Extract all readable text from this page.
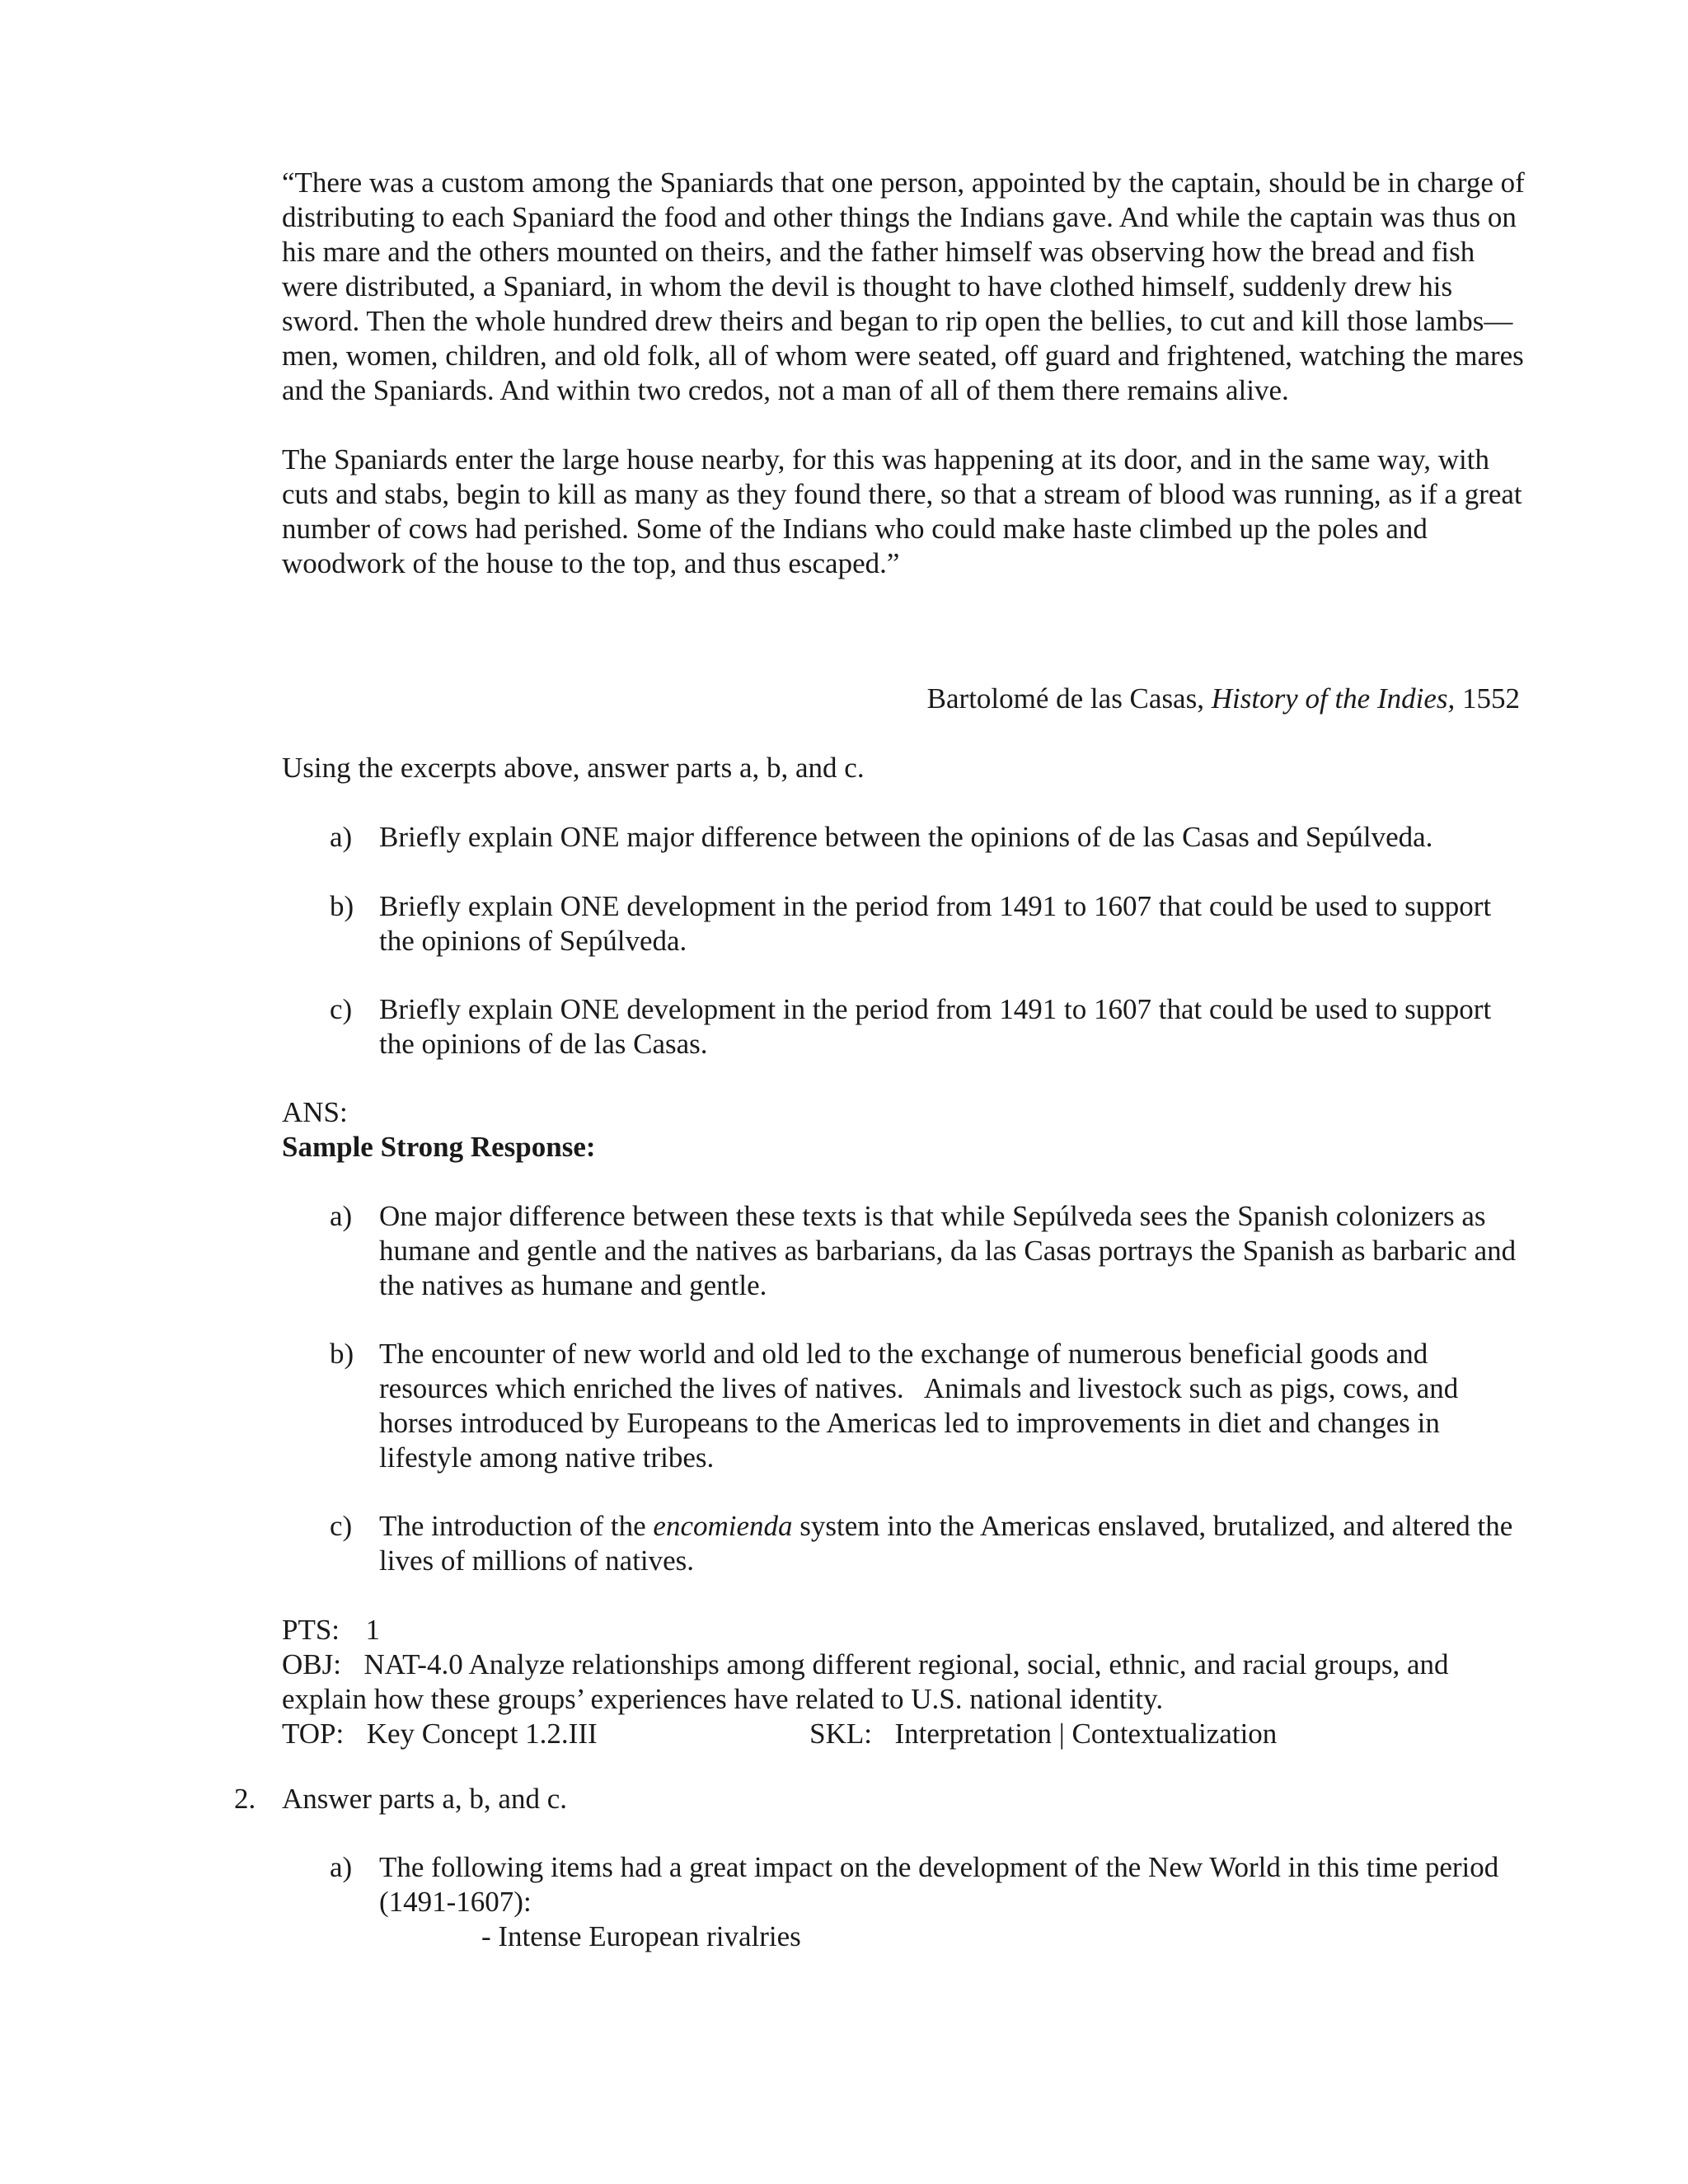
“There was a custom among the Spaniards that one person, appointed by the captain, should be in charge of distributing to each Spaniard the food and other things the Indians gave. And while the captain was thus on his mare and the others mounted on theirs, and the father himself was observing how the bread and fish were distributed, a Spaniard, in whom the devil is thought to have clothed himself, suddenly drew his sword. Then the whole hundred drew theirs and began to rip open the bellies, to cut and kill those lambs—men, women, children, and old folk, all of whom were seated, off guard and frightened, watching the mares and the Spaniards. And within two credos, not a man of all of them there remains alive.

The Spaniards enter the large house nearby, for this was happening at its door, and in the same way, with cuts and stabs, begin to kill as many as they found there, so that a stream of blood was running, as if a great number of cows had perished. Some of the Indians who could make haste climbed up the poles and woodwork of the house to the top, and thus escaped.”

Bartolomé de las Casas, History of the Indies, 1552
Using the excerpts above, answer parts a, b, and c.
a) Briefly explain ONE major difference between the opinions of de las Casas and Sepúlveda.
b) Briefly explain ONE development in the period from 1491 to 1607 that could be used to support the opinions of Sepúlveda.
c) Briefly explain ONE development in the period from 1491 to 1607 that could be used to support the opinions of de las Casas.
ANS:
Sample Strong Response:
a) One major difference between these texts is that while Sepúlveda sees the Spanish colonizers as humane and gentle and the natives as barbarians, da las Casas portrays the Spanish as barbaric and the natives as humane and gentle.
b) The encounter of new world and old led to the exchange of numerous beneficial goods and resources which enriched the lives of natives.   Animals and livestock such as pigs, cows, and horses introduced by Europeans to the Americas led to improvements in diet and changes in lifestyle among native tribes.
c) The introduction of the encomienda system into the Americas enslaved, brutalized, and altered the lives of millions of natives.
PTS: 1
OBJ: NAT-4.0 Analyze relationships among different regional, social, ethnic, and racial groups, and explain how these groups’ experiences have related to U.S. national identity.
TOP: Key Concept 1.2.III	SKL: Interpretation | Contextualization
2. Answer parts a, b, and c.
a) The following items had a great impact on the development of the New World in this time period (1491-1607):
- Intense European rivalries
